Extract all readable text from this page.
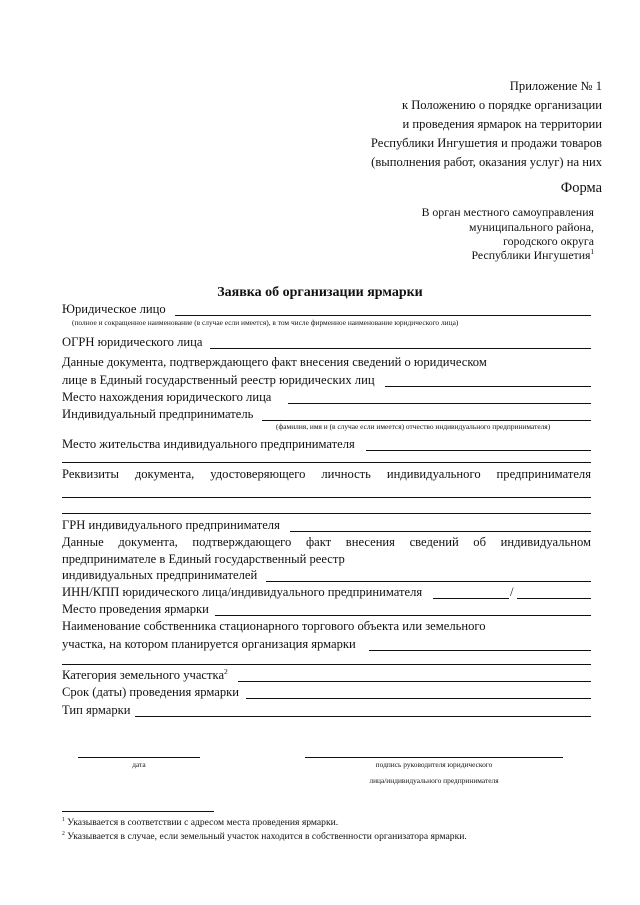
Приложение № 1
к Положению о порядке организации
и проведения ярмарок на территории
Республики Ингушетия и продажи товаров
(выполнения работ, оказания услуг) на них
Форма
В орган местного самоуправления
муниципального района,
городского округа
Республики Ингушетия$^1$
Заявка об организации ярмарки
Юридическое лицо
(полное и сокращенное наименование (в случае если имеется), в том числе фирменное наименование юридического лица)
ОГРН юридического лица
Данные документа, подтверждающего факт внесения сведений о юридическом
лице в Единый государственный реестр юридических лиц
Место нахождения юридического лица
Индивидуальный предприниматель
(фамилия, имя и (в случае если имеется) отчество индивидуального предпринимателя)
Место жительства индивидуального предпринимателя
Реквизиты документа, удостоверяющего личность индивидуального предпринимателя
ГРН индивидуального предпринимателя
Данные документа, подтверждающего факт внесения сведений об индивидуальном
предпринимателе в Единый государственный реестр
индивидуальных предпринимателей
ИНН/КПП юридического лица/индивидуального предпринимателя	/
Место проведения ярмарки
Наименование собственника стационарного торгового объекта или земельного
участка, на котором планируется организация ярмарки
Категория земельного участка$^2$
Срок (даты) проведения ярмарки
Тип ярмарки
дата	подпись руководителя юридического
лица/индивидуального предпринимателя
$^1$ Указывается в соответствии с адресом места проведения ярмарки.
$^2$ Указывается в случае, если земельный участок находится в собственности организатора ярмарки.
